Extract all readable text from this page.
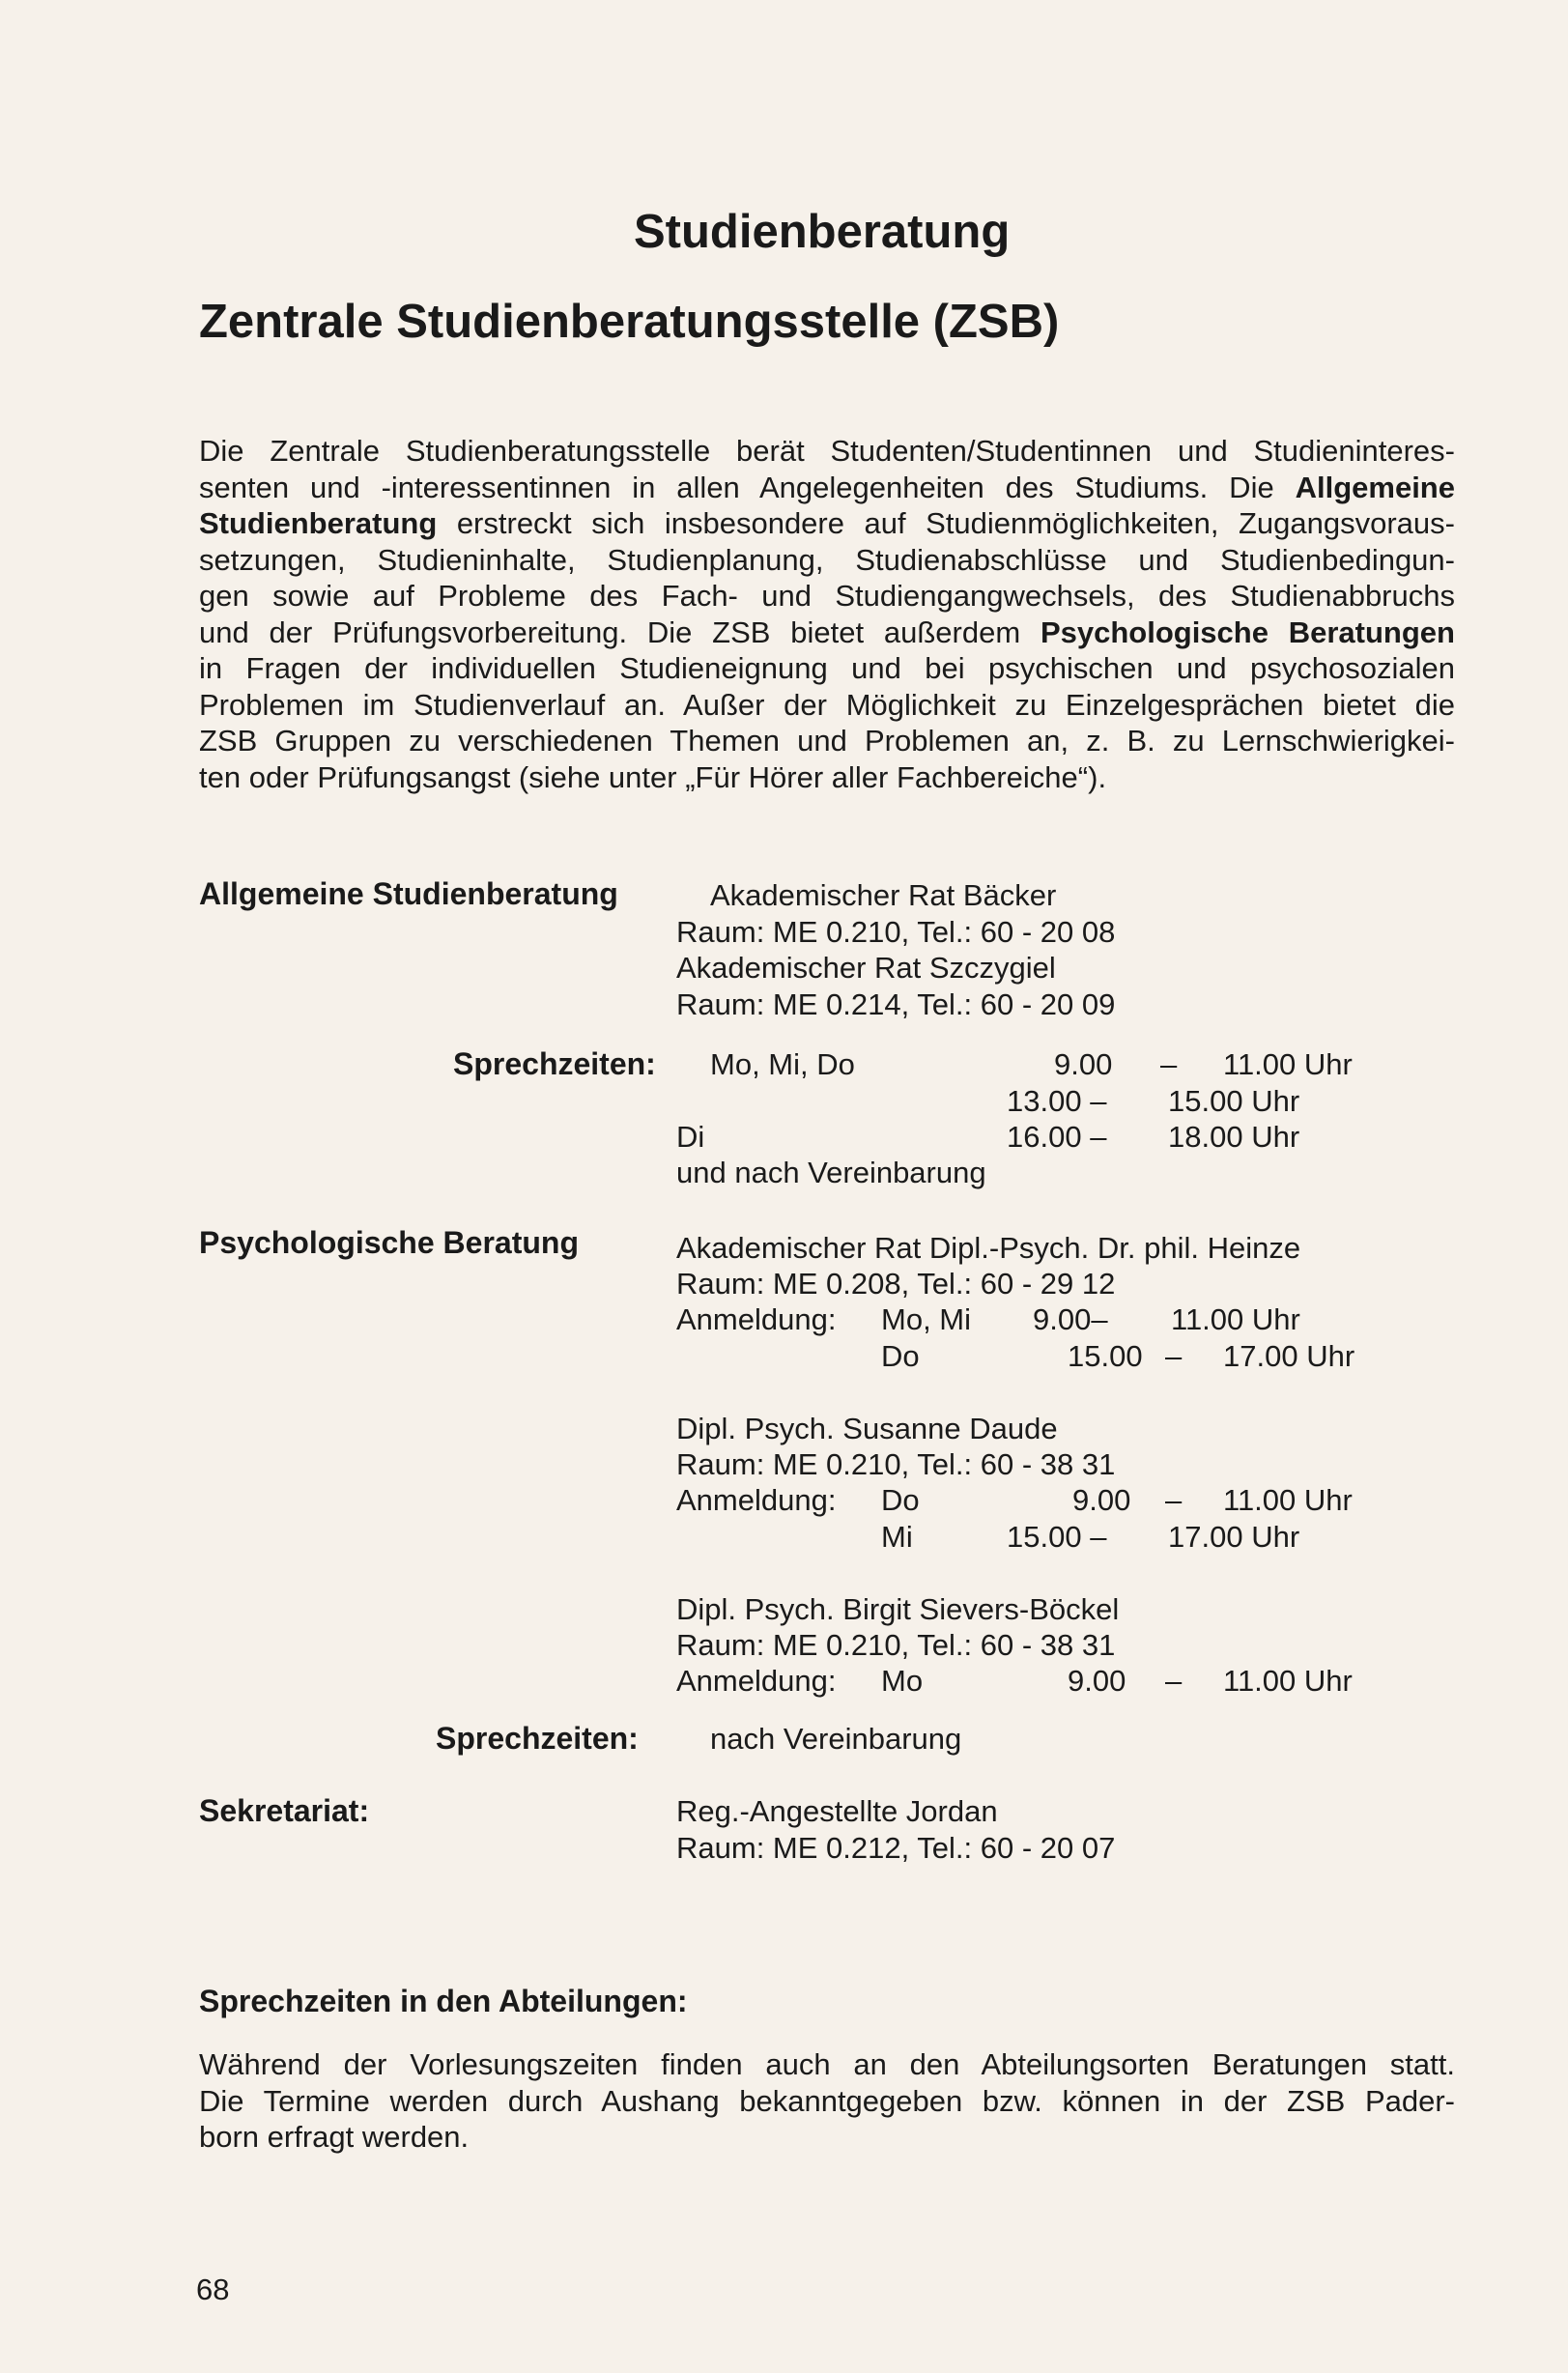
Studienberatung
Zentrale Studienberatungsstelle (ZSB)
Die Zentrale Studienberatungsstelle berät Studenten/Studentinnen und Studieninteres-
senten und -interessentinnen in allen Angelegenheiten des Studiums. Die Allgemeine
Studienberatung erstreckt sich insbesondere auf Studienmöglichkeiten, Zugangsvoraus-
setzungen, Studieninhalte, Studienplanung, Studienabschlüsse und Studienbedingun-
gen sowie auf Probleme des Fach- und Studiengangwechsels, des Studienabbruchs
und der Prüfungsvorbereitung. Die ZSB bietet außerdem Psychologische Beratungen
in Fragen der individuellen Studieneignung und bei psychischen und psychosozialen
Problemen im Studienverlauf an. Außer der Möglichkeit zu Einzelgesprächen bietet die
ZSB Gruppen zu verschiedenen Themen und Problemen an, z. B. zu Lernschwierigkei-
ten oder Prüfungsangst (siehe unter „Für Hörer aller Fachbereiche“).
Allgemeine Studienberatung	Akademischer Rat Bäcker
Raum: ME 0.210, Tel.: 60 - 20 08
Akademischer Rat Szczygiel
Raum: ME 0.214, Tel.: 60 - 20 09
Sprechzeiten: Mo, Mi, Do	9.00 – 11.00 Uhr
13.00 – 15.00 Uhr
Di	16.00 – 18.00 Uhr
und nach Vereinbarung
Psychologische Beratung	Akademischer Rat Dipl.-Psych. Dr. phil. Heinze
Raum: ME 0.208, Tel.: 60 - 29 12
Anmeldung: Mo, Mi 9.00– 11.00 Uhr
Do	15.00 – 17.00 Uhr
Dipl. Psych. Susanne Daude
Raum: ME 0.210, Tel.: 60 - 38 31
Anmeldung: Do	9.00 – 11.00 Uhr
Mi	15.00 – 17.00 Uhr
Dipl. Psych. Birgit Sievers-Böckel
Raum: ME 0.210, Tel.: 60 - 38 31
Anmeldung: Mo	9.00 – 11.00 Uhr
Sprechzeiten: nach Vereinbarung
Sekretariat:	Reg.-Angestellte Jordan
Raum: ME 0.212, Tel.: 60 - 20 07
Sprechzeiten in den Abteilungen:
Während der Vorlesungszeiten finden auch an den Abteilungsorten Beratungen statt.
Die Termine werden durch Aushang bekanntgegeben bzw. können in der ZSB Pader-
born erfragt werden.
68
